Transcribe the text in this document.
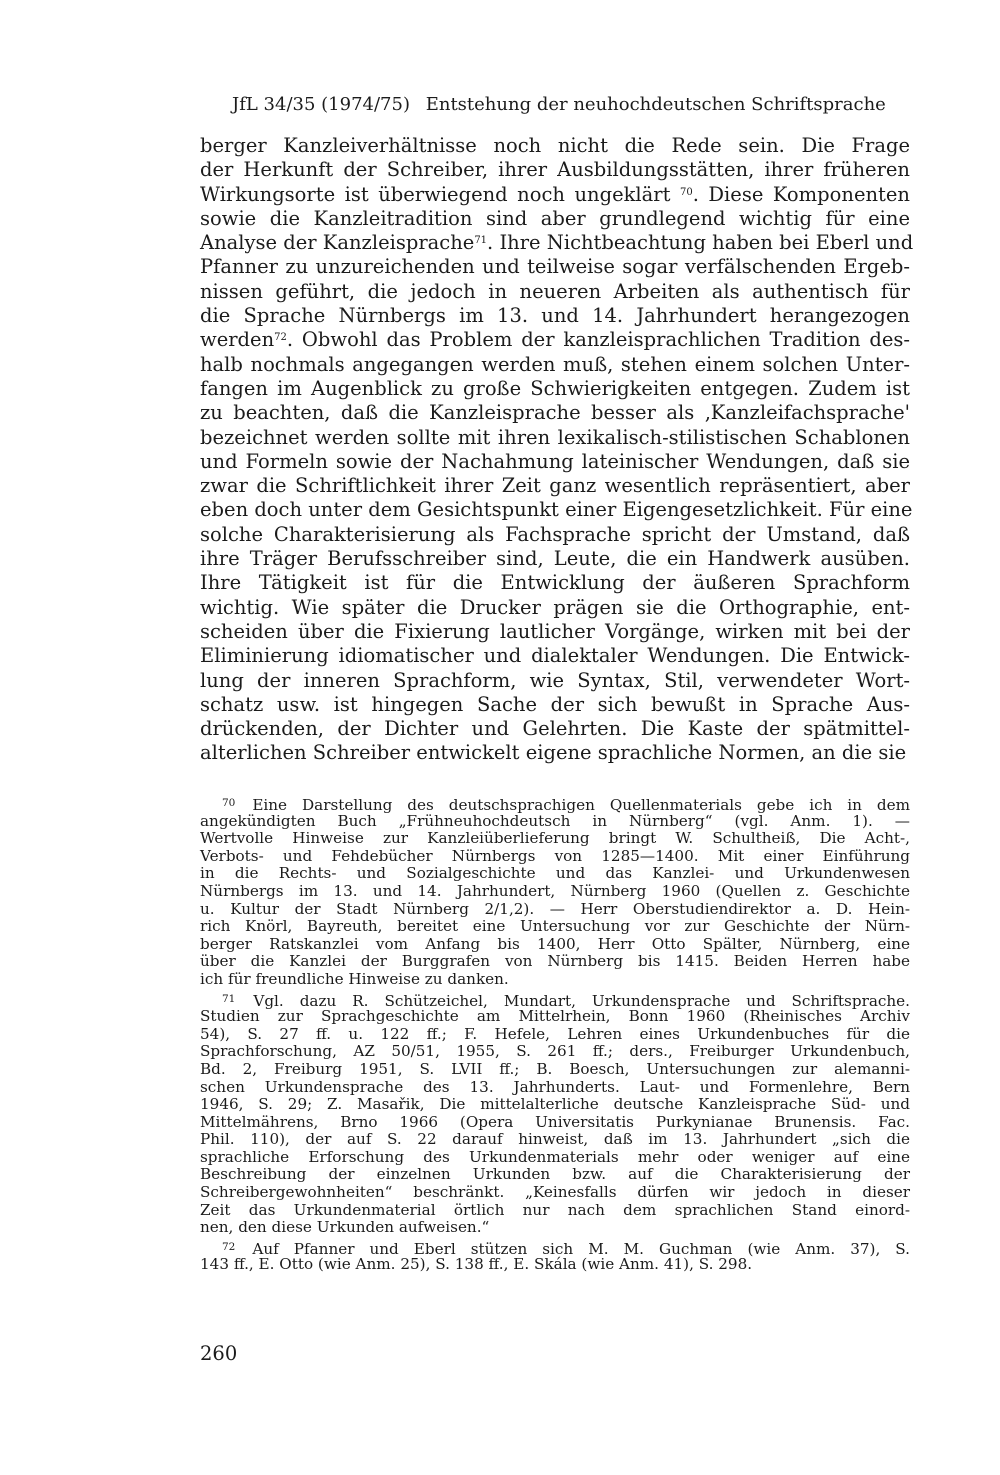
JfL 34/35 (1974/75) Entstehung der neuhochdeutschen Schriftsprache
berger Kanzleiverhältnisse noch nicht die Rede sein. Die Frage
der Herkunft der Schreiber, ihrer Ausbildungsstätten, ihrer früheren
Wirkungsorte ist überwiegend noch ungeklärt $^{70}$. Diese Komponenten
sowie die Kanzleitradition sind aber grundlegend wichtig für eine
Analyse der Kanzleisprache$^{71}$. Ihre Nichtbeachtung haben bei Eberl und
Pfanner zu unzureichenden und teilweise sogar verfälschenden Ergeb-
nissen geführt, die jedoch in neueren Arbeiten als authentisch für
die Sprache Nürnbergs im 13. und 14. Jahrhundert herangezogen
werden$^{72}$. Obwohl das Problem der kanzleisprachlichen Tradition des-
halb nochmals angegangen werden muß, stehen einem solchen Unter-
fangen im Augenblick zu große Schwierigkeiten entgegen. Zudem ist
zu beachten, daß die Kanzleisprache besser als ‚Kanzleifachsprache'
bezeichnet werden sollte mit ihren lexikalisch-stilistischen Schablonen
und Formeln sowie der Nachahmung lateinischer Wendungen, daß sie
zwar die Schriftlichkeit ihrer Zeit ganz wesentlich repräsentiert, aber
eben doch unter dem Gesichtspunkt einer Eigengesetzlichkeit. Für eine
solche Charakterisierung als Fachsprache spricht der Umstand, daß
ihre Träger Berufsschreiber sind, Leute, die ein Handwerk ausüben.
Ihre Tätigkeit ist für die Entwicklung der äußeren Sprachform
wichtig. Wie später die Drucker prägen sie die Orthographie, ent-
scheiden über die Fixierung lautlicher Vorgänge, wirken mit bei der
Eliminierung idiomatischer und dialektaler Wendungen. Die Entwick-
lung der inneren Sprachform, wie Syntax, Stil, verwendeter Wort-
schatz usw. ist hingegen Sache der sich bewußt in Sprache Aus-
drückenden, der Dichter und Gelehrten. Die Kaste der spätmittel-
alterlichen Schreiber entwickelt eigene sprachliche Normen, an die sie
$^{70}$ Eine Darstellung des deutschsprachigen Quellenmaterials gebe ich in dem
angekündigten Buch „Frühneuhochdeutsch in Nürnberg“ (vgl. Anm. 1). —
Wertvolle Hinweise zur Kanzleiüberlieferung bringt W. Schultheiß, Die Acht-,
Verbots- und Fehdebücher Nürnbergs von 1285—1400. Mit einer Einführung
in die Rechts- und Sozialgeschichte und das Kanzlei- und Urkundenwesen
Nürnbergs im 13. und 14. Jahrhundert, Nürnberg 1960 (Quellen z. Geschichte
u. Kultur der Stadt Nürnberg 2/1,2). — Herr Oberstudiendirektor a. D. Hein-
rich Knörl, Bayreuth, bereitet eine Untersuchung vor zur Geschichte der Nürn-
berger Ratskanzlei vom Anfang bis 1400, Herr Otto Spälter, Nürnberg, eine
über die Kanzlei der Burggrafen von Nürnberg bis 1415. Beiden Herren habe
ich für freundliche Hinweise zu danken.
$^{71}$ Vgl. dazu R. Schützeichel, Mundart, Urkundensprache und Schriftsprache.
Studien zur Sprachgeschichte am Mittelrhein, Bonn 1960 (Rheinisches Archiv
54), S. 27 ff. u. 122 ff.; F. Hefele, Lehren eines Urkundenbuches für die
Sprachforschung, AZ 50/51, 1955, S. 261 ff.; ders., Freiburger Urkundenbuch,
Bd. 2, Freiburg 1951, S. LVII ff.; B. Boesch, Untersuchungen zur alemanni-
schen Urkundensprache des 13. Jahrhunderts. Laut- und Formenlehre, Bern
1946, S. 29; Z. Masařik, Die mittelalterliche deutsche Kanzleisprache Süd- und
Mittelmährens, Brno 1966 (Opera Universitatis Purkynianae Brunensis. Fac.
Phil. 110), der auf S. 22 darauf hinweist, daß im 13. Jahrhundert „sich die
sprachliche Erforschung des Urkundenmaterials mehr oder weniger auf eine
Beschreibung der einzelnen Urkunden bzw. auf die Charakterisierung der
Schreibergewohnheiten“ beschränkt. „Keinesfalls dürfen wir jedoch in dieser
Zeit das Urkundenmaterial örtlich nur nach dem sprachlichen Stand einord-
nen, den diese Urkunden aufweisen.“
$^{72}$ Auf Pfanner und Eberl stützen sich M. M. Guchman (wie Anm. 37), S.
143 ff., E. Otto (wie Anm. 25), S. 138 ff., E. Skála (wie Anm. 41), S. 298.
260
